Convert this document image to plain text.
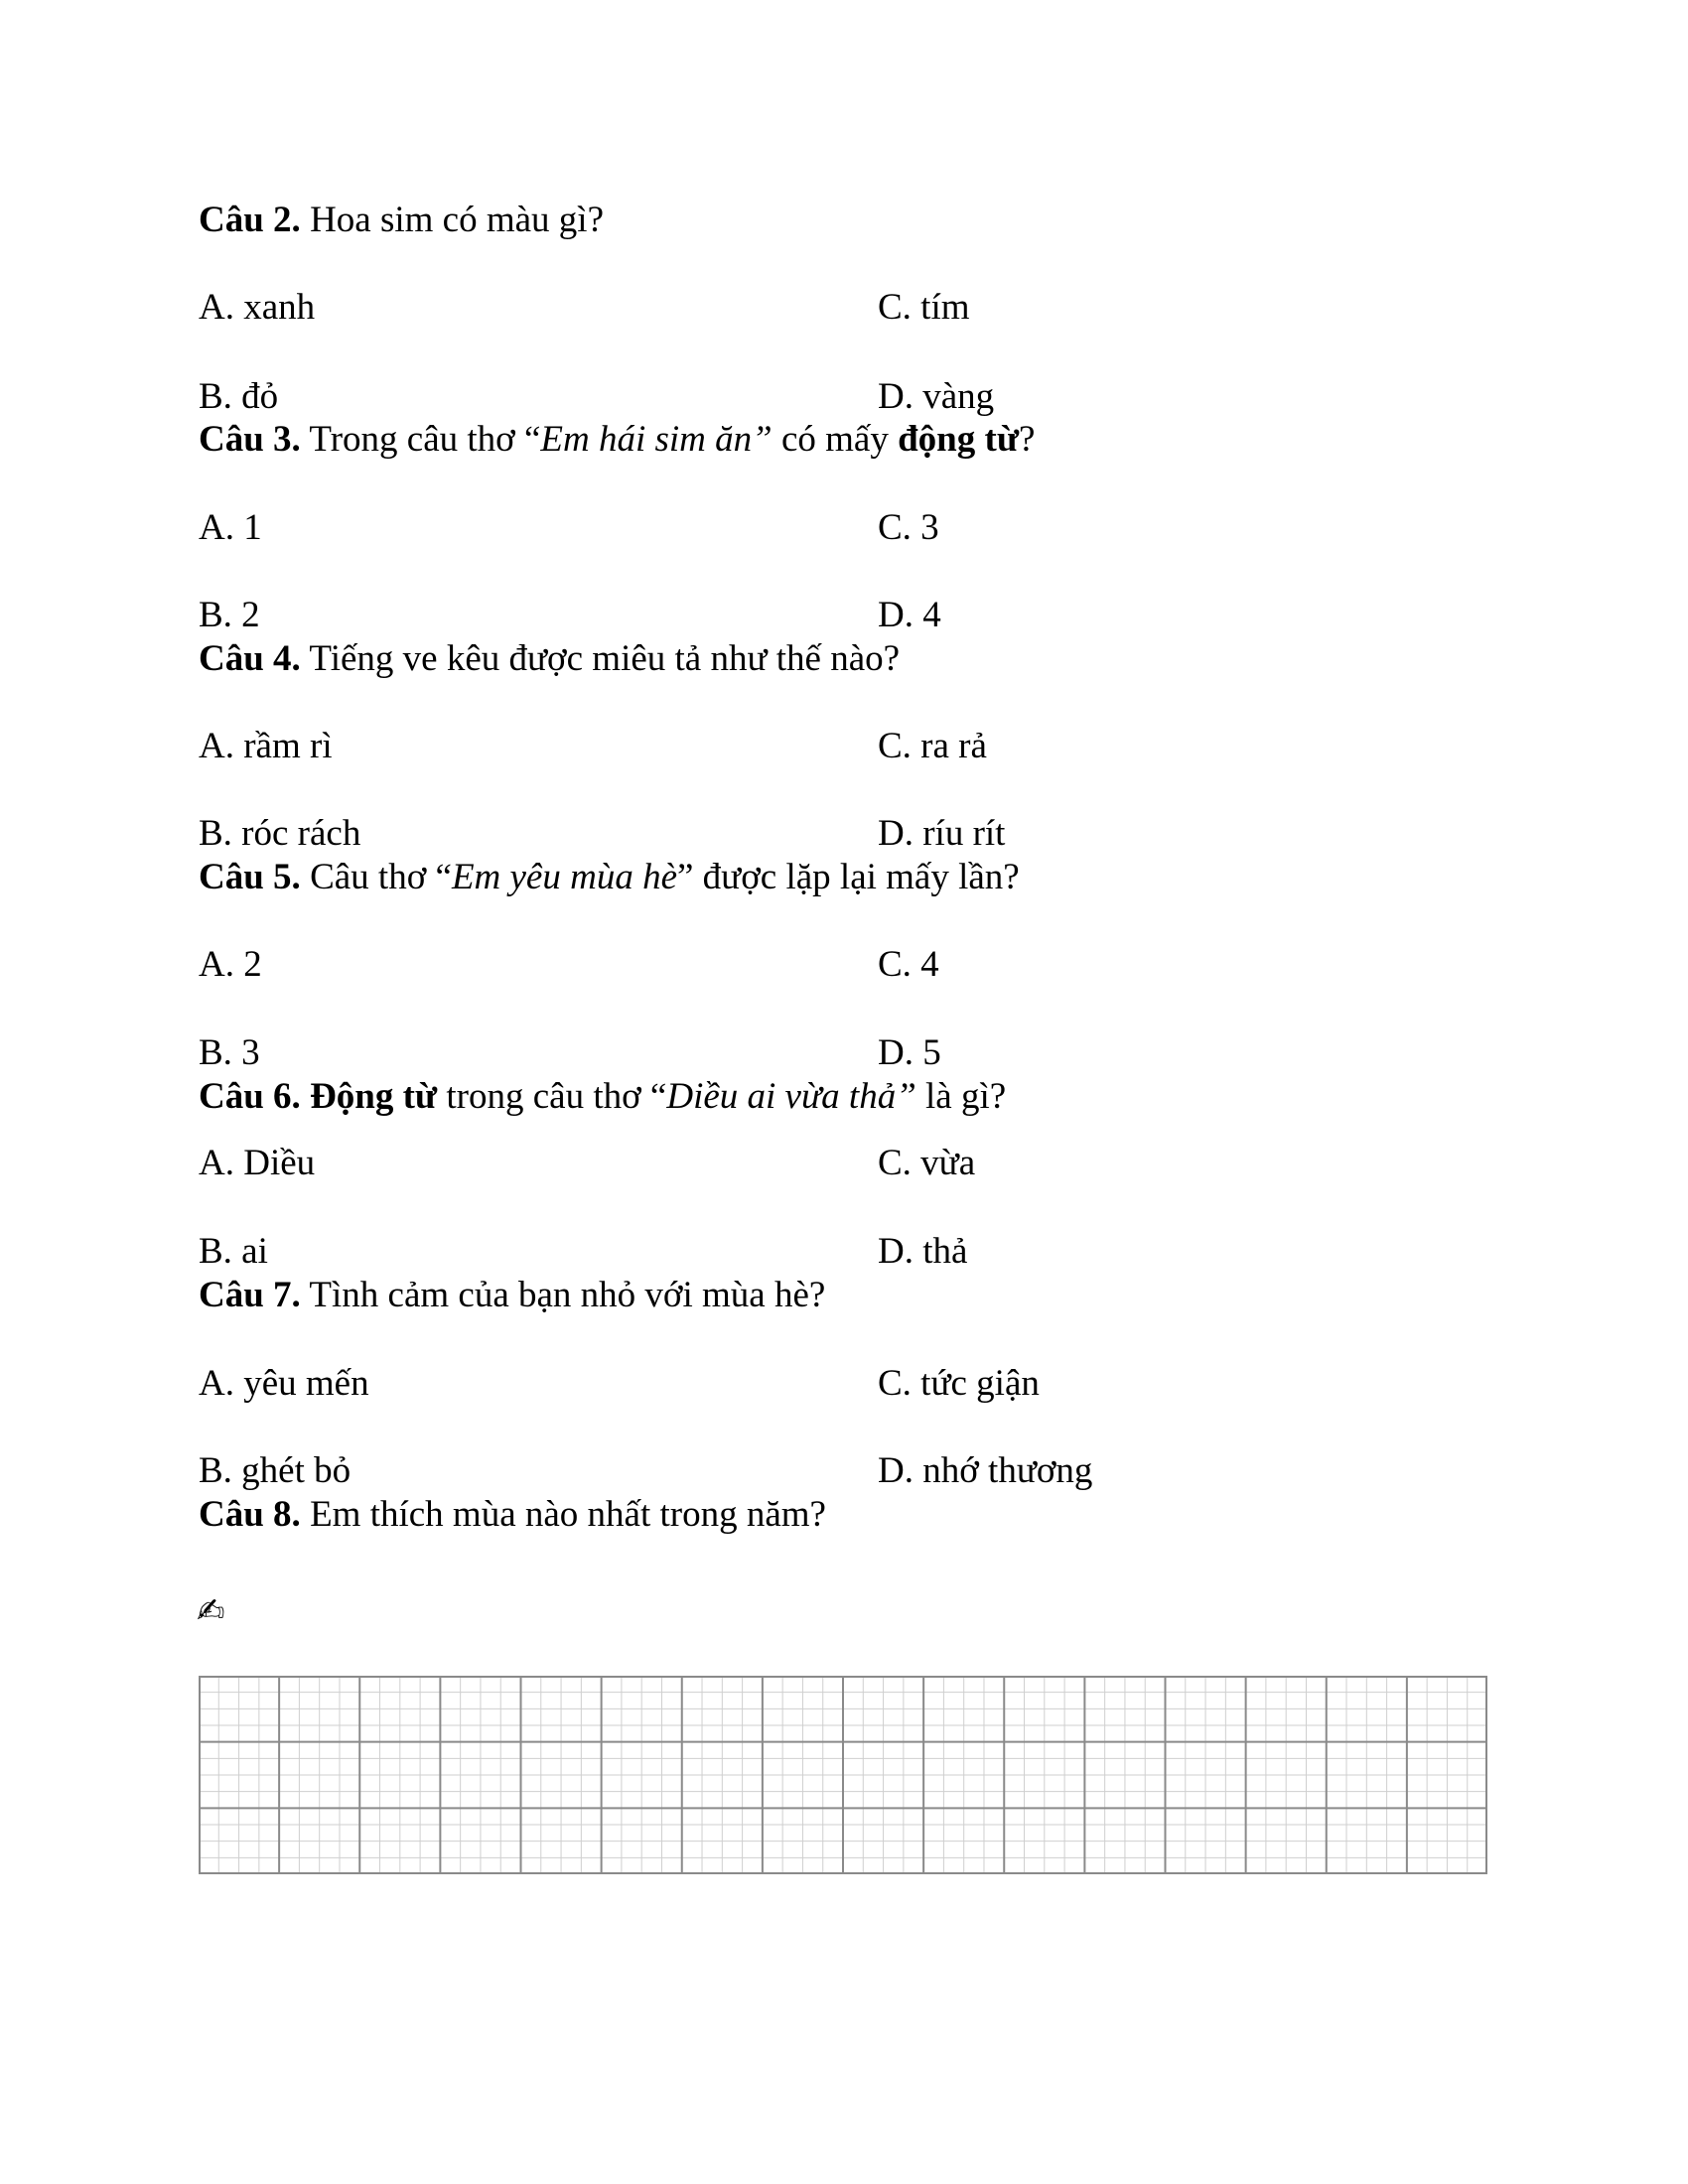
Câu 2. Hoa sim có màu gì?
A. xanh	C. tím
B. đỏ	D. vàng
Câu 3. Trong câu thơ “Em hái sim ăn” có mấy động từ?
A. 1	C. 3
B. 2	D. 4
Câu 4. Tiếng ve kêu được miêu tả như thế nào?
A. rầm rì	C. ra rả
B. róc rách	D. ríu rít
Câu 5. Câu thơ “Em yêu mùa hè” được lặp lại mấy lần?
A. 2	C. 4
B. 3	D. 5
Câu 6. Động từ trong câu thơ “Diều ai vừa thả” là gì?
A. Diều	C. vừa
B. ai	D. thả
Câu 7. Tình cảm của bạn nhỏ với mùa hè?
A. yêu mến	C. tức giận
B. ghét bỏ	D. nhớ thương
Câu 8. Em thích mùa nào nhất trong năm?
✍
